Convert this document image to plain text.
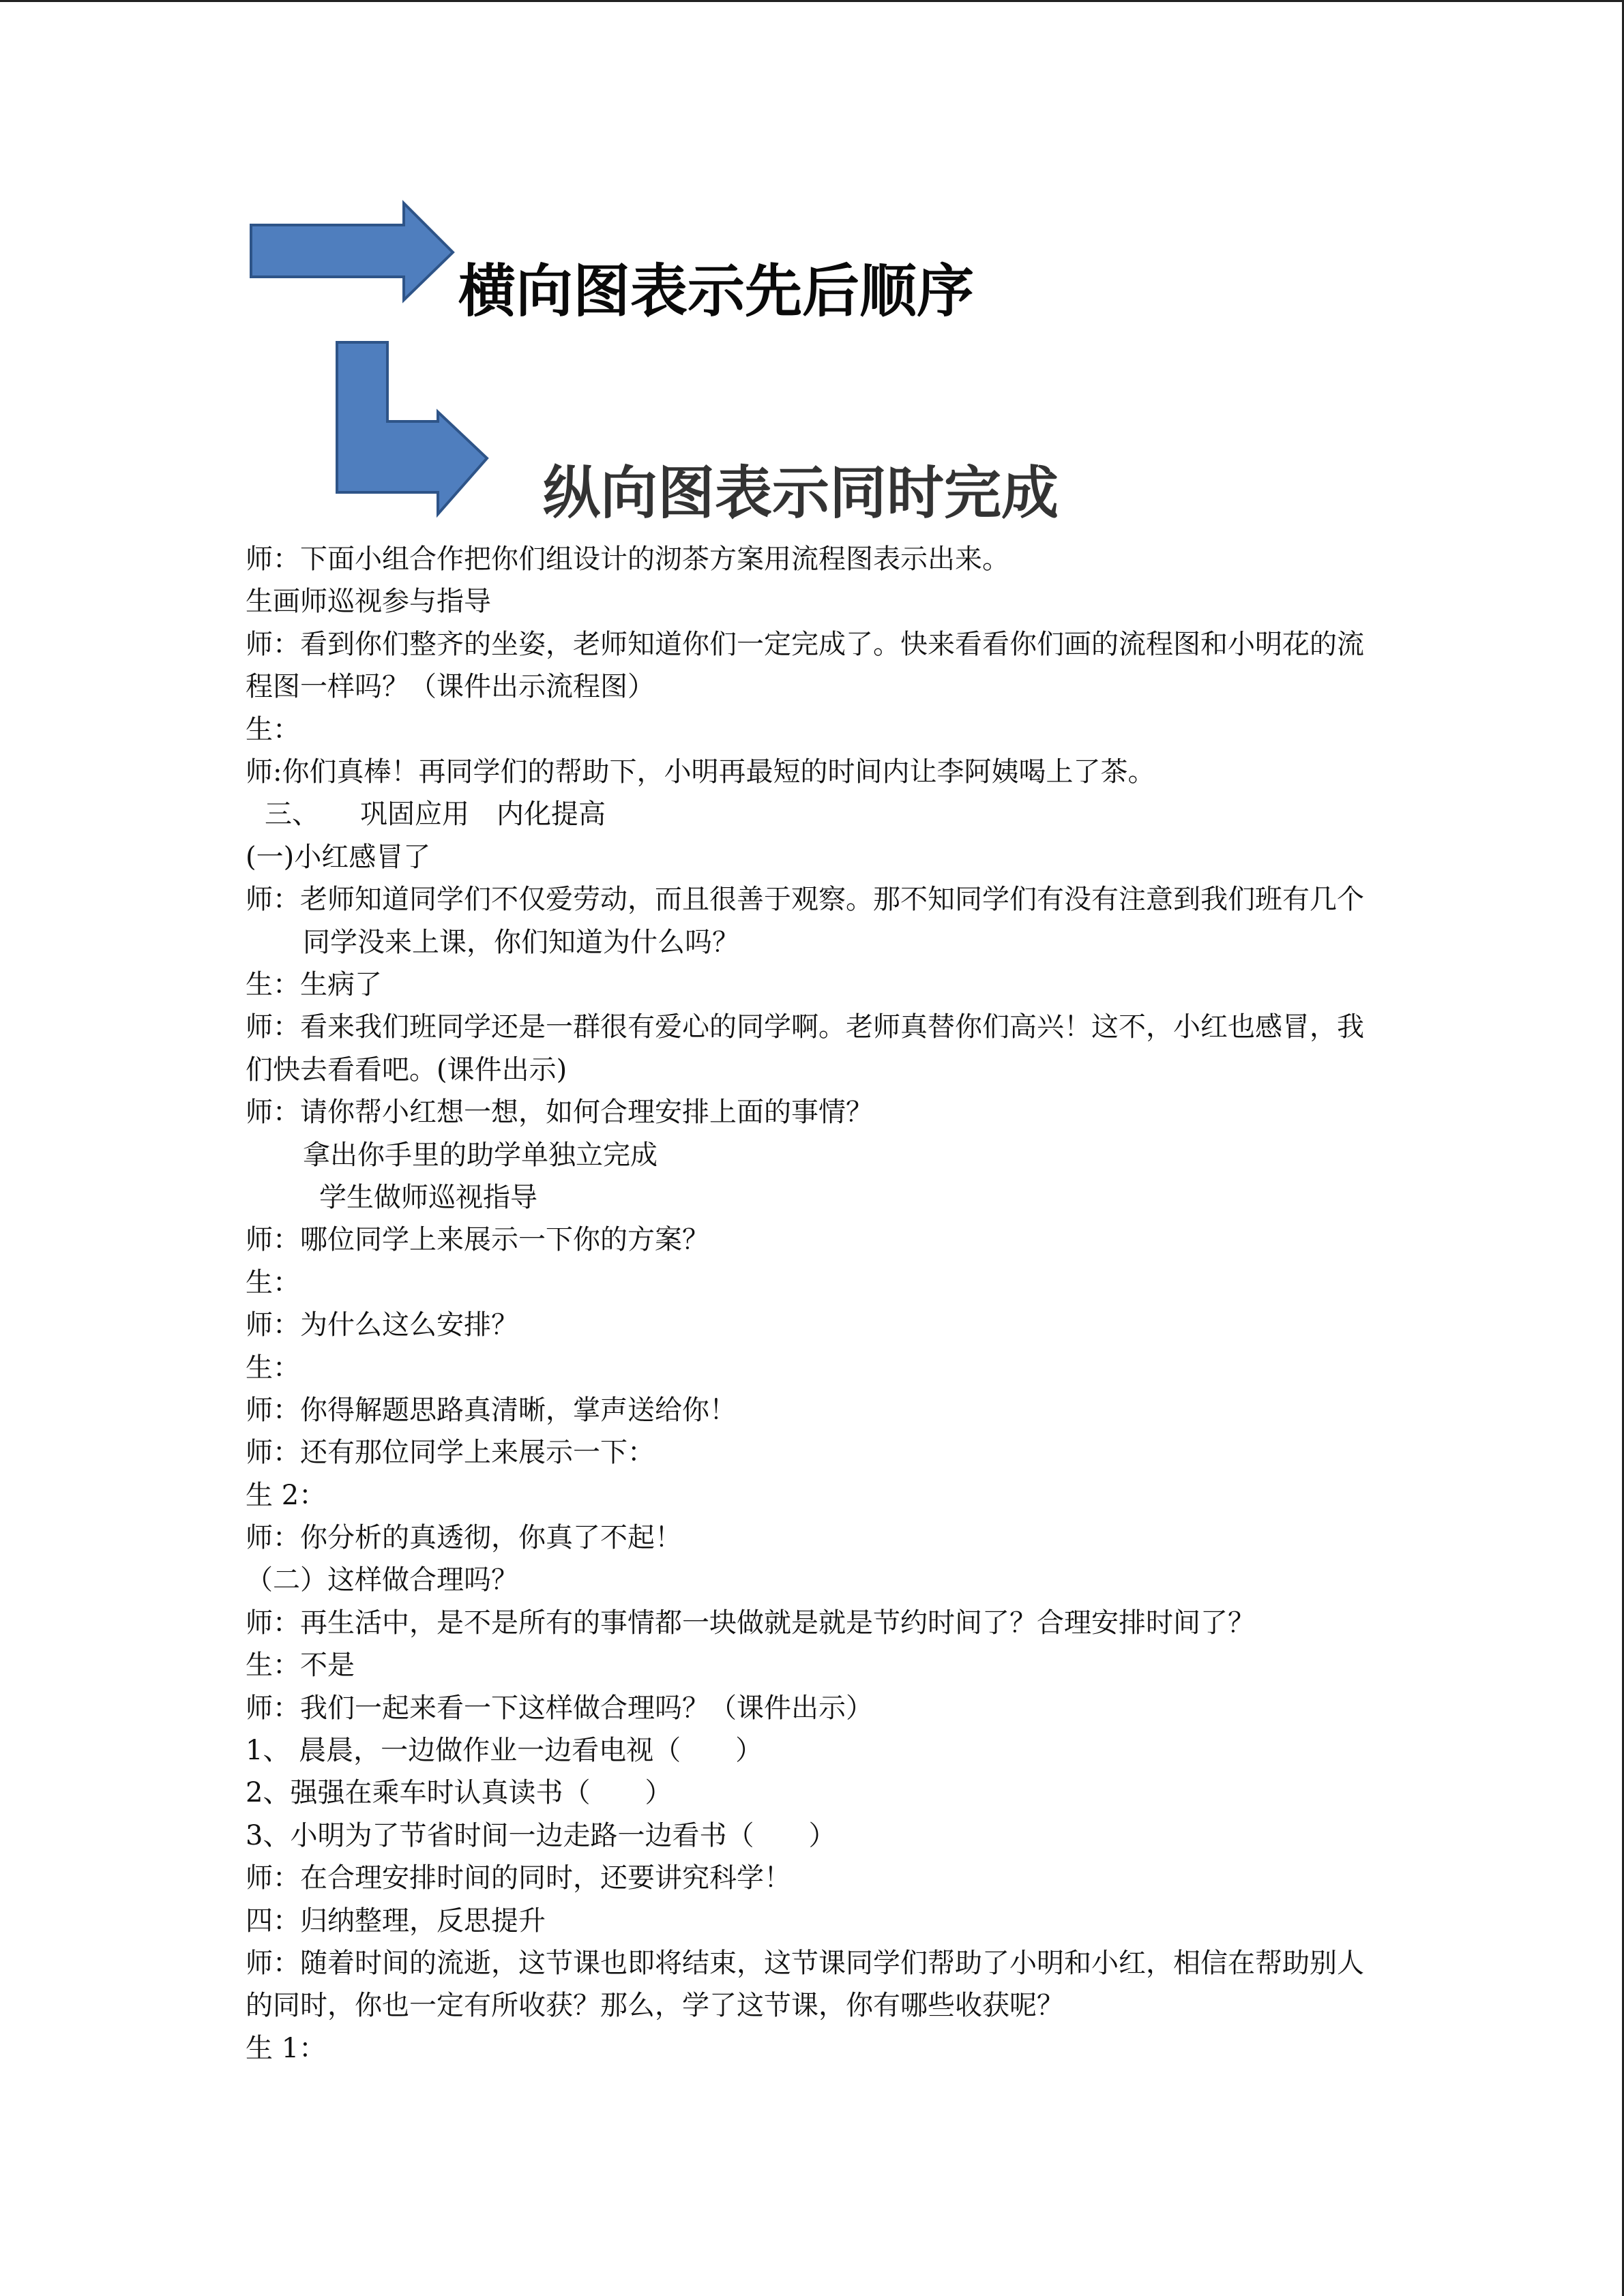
横向图表示先后顺序
纵向图表示同时完成

师：下面小组合作把你们组设计的沏茶方案用流程图表示出来。

生画师巡视参与指导

师：看到你们整齐的坐姿，老师知道你们一定完成了。快来看看你们画的流程图和小明花的流程图一样吗？（课件出示流程图）

生：

师:你们真棒！再同学们的帮助下，小明再最短的时间内让李阿姨喝上了茶。

三、　　巩固应用　内化提高

(一)小红感冒了

师：老师知道同学们不仅爱劳动，而且很善于观察。那不知同学们有没有注意到我们班有几个同学没来上课，你们知道为什么吗？

生：生病了

师：看来我们班同学还是一群很有爱心的同学啊。老师真替你们高兴！这不，小红也感冒，我们快去看看吧。(课件出示)

师：请你帮小红想一想，如何合理安排上面的事情？

拿出你手里的助学单独立完成

学生做师巡视指导

师：哪位同学上来展示一下你的方案？

生：

师：为什么这么安排？

生：

师：你得解题思路真清晰，掌声送给你！

师：还有那位同学上来展示一下：

生 2：

师：你分析的真透彻，你真了不起！

（二）这样做合理吗？

师：再生活中，是不是所有的事情都一块做就是就是节约时间了？合理安排时间了？

生：不是

师：我们一起来看一下这样做合理吗？（课件出示）

1、 晨晨，一边做作业一边看电视（　　）

2、强强在乘车时认真读书（　　）

3、小明为了节省时间一边走路一边看书（　　）

师：在合理安排时间的同时，还要讲究科学！

四：归纳整理，反思提升

师：随着时间的流逝，这节课也即将结束，这节课同学们帮助了小明和小红，相信在帮助别人的同时，你也一定有所收获？那么，学了这节课，你有哪些收获呢？

生 1：
